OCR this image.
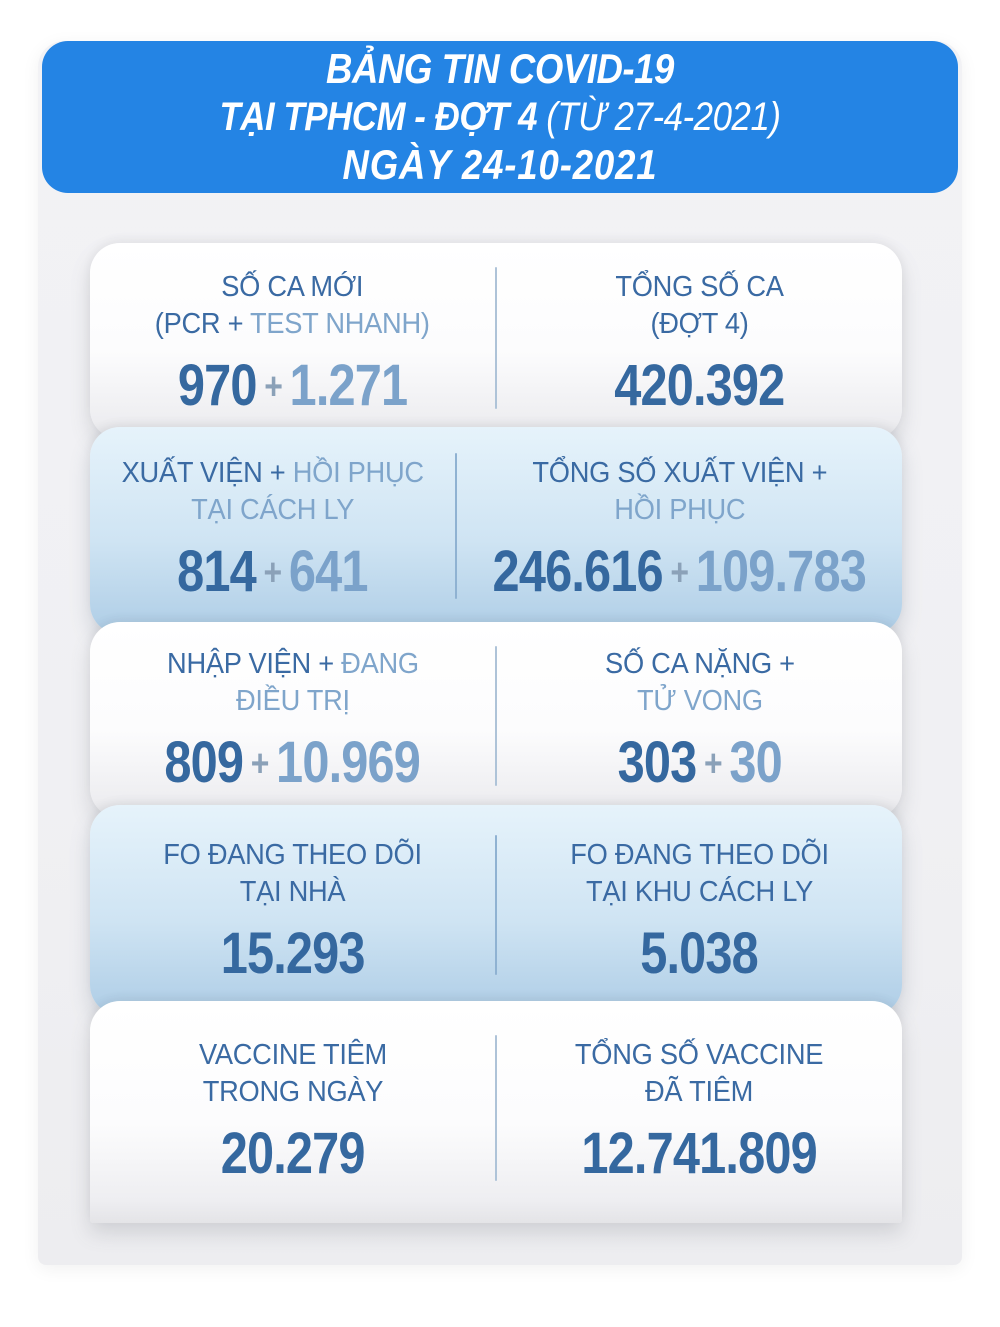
BẢNG TIN COVID-19
TẠI TPHCM - ĐỢT 4 (TỪ 27-4-2021)
NGÀY 24-10-2021
SỐ CA MỚI
(PCR + TEST NHANH)
970 + 1.271
TỔNG SỐ CA
(ĐỢT 4)
420.392
XUẤT VIỆN + HỒI PHỤC
TẠI CÁCH LY
814 + 641
TỔNG SỐ XUẤT VIỆN +
HỒI PHỤC
246.616 + 109.783
NHẬP VIỆN + ĐANG
ĐIỀU TRỊ
809 + 10.969
SỐ CA NẶNG +
TỬ VONG
303 + 30
FO ĐANG THEO DÕI
TẠI NHÀ
15.293
FO ĐANG THEO DÕI
TẠI KHU CÁCH LY
5.038
VACCINE TIÊM
TRONG NGÀY
20.279
TỔNG SỐ VACCINE
ĐÃ TIÊM
12.741.809
